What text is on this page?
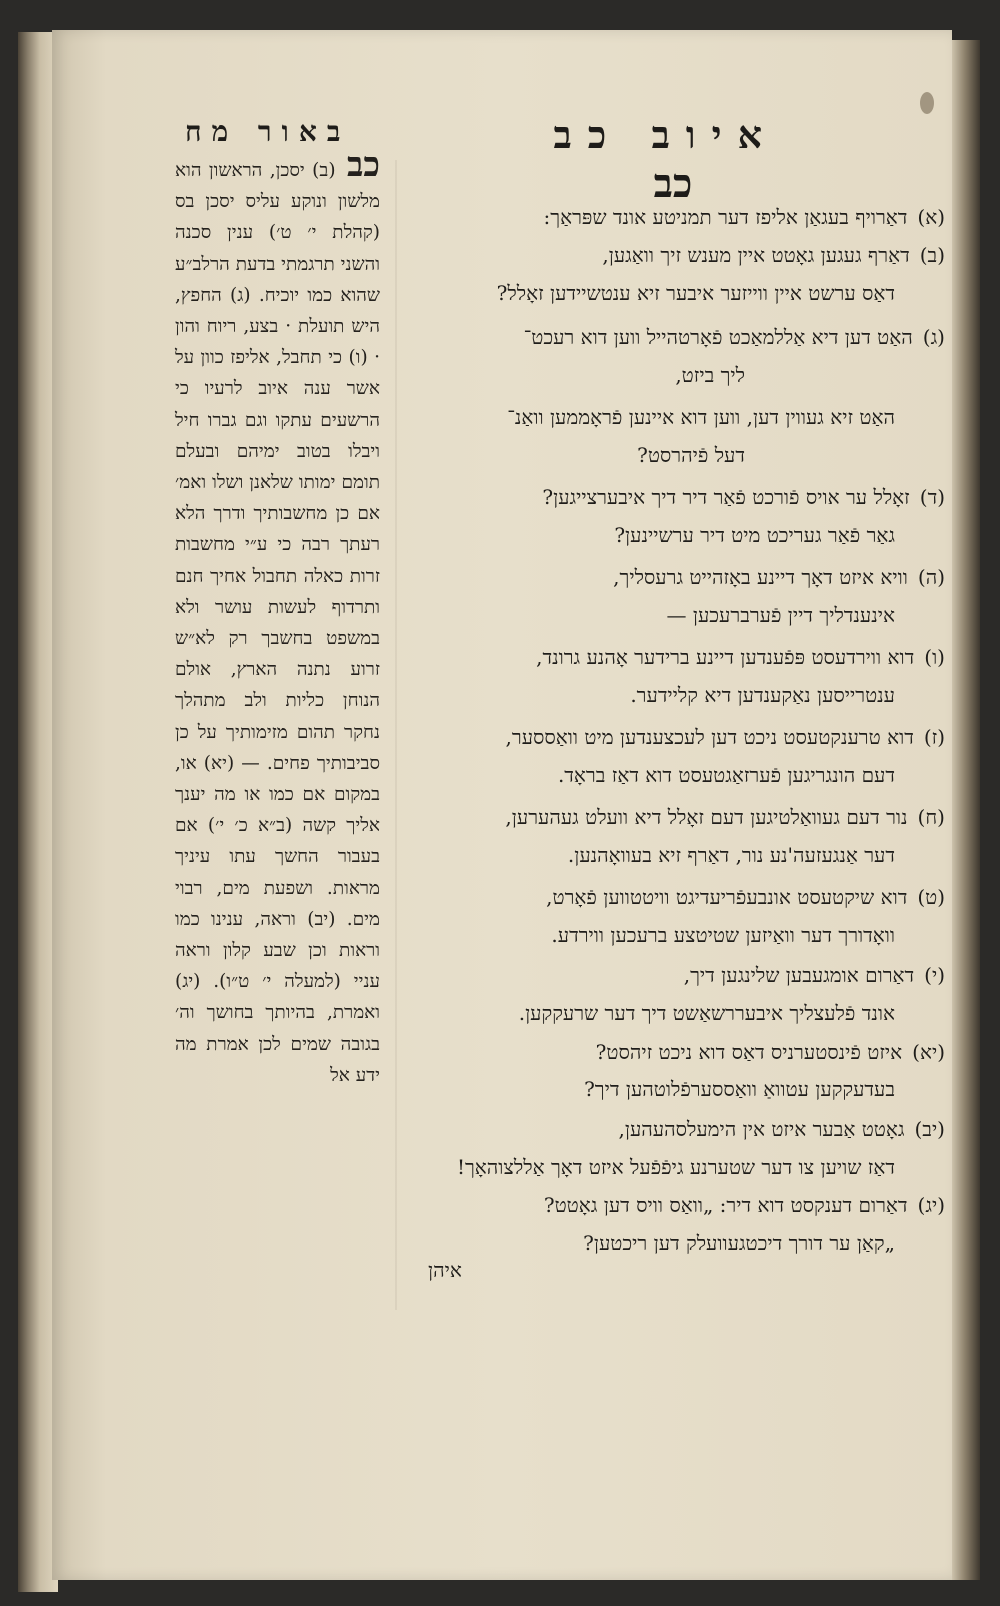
איוב כב
כב
באור מח
כב (ב) יסכן, הראשון הוא מלשון ונוקע עליס יסכן בס (קהלת י׳ ט׳) ענין סכנה והשני תרגמתי בדעת הרלב״ע שהוא כמו יוכיח. (ג) החפץ, היש תועלת · בצע, ריוח והון · (ו) כי תחבל, אליפז כוון על אשר ענה איוב לרעיו כי הרשעים עתקו וגם גברו חיל ויבלו בטוב ימיהם ובעלם תומם ימותו שלאנן ושלו ואמ׳ אם כן מחשבותיך ודרך הלא רעתך רבה כי ע״י מחשבות זרות כאלה תחבול אחיך חנם ותרדוף לעשות עושר ולא במשפט בחשבך רק לא״ש זרוע נתנה הארץ, אולם הנוחן כליות ולב מתהלך נחקר תהום מזימותיך על כן סביבותיך פחים. — (יא) או, במקום אם כמו או מה יענך אליך קשה (ב״א כ׳ י׳) אם בעבור החשך עתו עיניך מראות. ושפעת מים, רבוי מים. (יב) וראה, ענינו כמו וראות וכן שבע קלון וראה עניי (למעלה י׳ ט״ו). (יג) ואמרת, בהיותך בחושך וה׳ בגובה שמים לכן אמרת מה ידע אל
(א)דאַרויף בעגאַן אליפז דער תמניטע אונד שפּראַך:
(ב)דאַרף געגען גאָטט איין מענש זיך וואַגען,
דאַס ערשט איין ווייזער איבער זיא ענטשיידען זאָלל?
(ג)האַט דען דיא אַללמאַכט פֿאָרטהייל ווען דוא רעכט־
ליך ביזט,
האַט זיא געווין דען, ווען דוא איינען פֿראָממען וואַנ־
דעל פֿיהרסט?
(ד)זאָלל ער אויס פֿורכט פֿאַר דיר דיך איבערצייגען?
גאַר פֿאַר געריכט מיט דיר ערשיינען?
(ה)וויא איזט דאָך דיינע באָזהייט גרעסליך,
אינענדליך דיין פֿערברעכען —
(ו)דוא ווירדעסט פּפֿענדען דיינע ברידער אָהנע גרונד,
ענטרייסען נאַקענדען דיא קליידער.
(ז)דוא טרענקטעסט ניכט דען לעכצענדען מיט וואַססער,
דעם הונגריגען פֿערזאַגטעסט דוא דאַז בראָד.
(ח)נור דעם געוואַלטיגען דעם זאָלל דיא וועלט געהערען,
דער אַנגעזעה'נע נור, דאַרף זיא בעוואָהנען.
(ט)דוא שיקטעסט אונבעפֿריעדיגט וויטטווען פֿאָרט,
וואָדורך דער וואַיזען שטיטצע ברעכען ווירדע.
(י)דאַרום אומגעבען שלינגען דיך,
אונד פֿלעצליך איבעררשאַשט דיך דער שרעקקען.
(יא)איזט פֿינסטערניס דאַס דוא ניכט זיהסט?
בעדעקקען עטוואַ וואַססערפֿלוטהען דיך?
(יב)גאָטט אַבער איזט אין הימעלסהעהען,
דאַז שויען צו דער שטערנע גיפֿפֿעל איזט דאָך אַללצוהאָך!
(יג)דאַרום דענקסט דוא דיר: „וואַס וויס דען גאָטט?
„קאַן ער דורך דיכטגעוועלק דען ריכטען?
איהן
